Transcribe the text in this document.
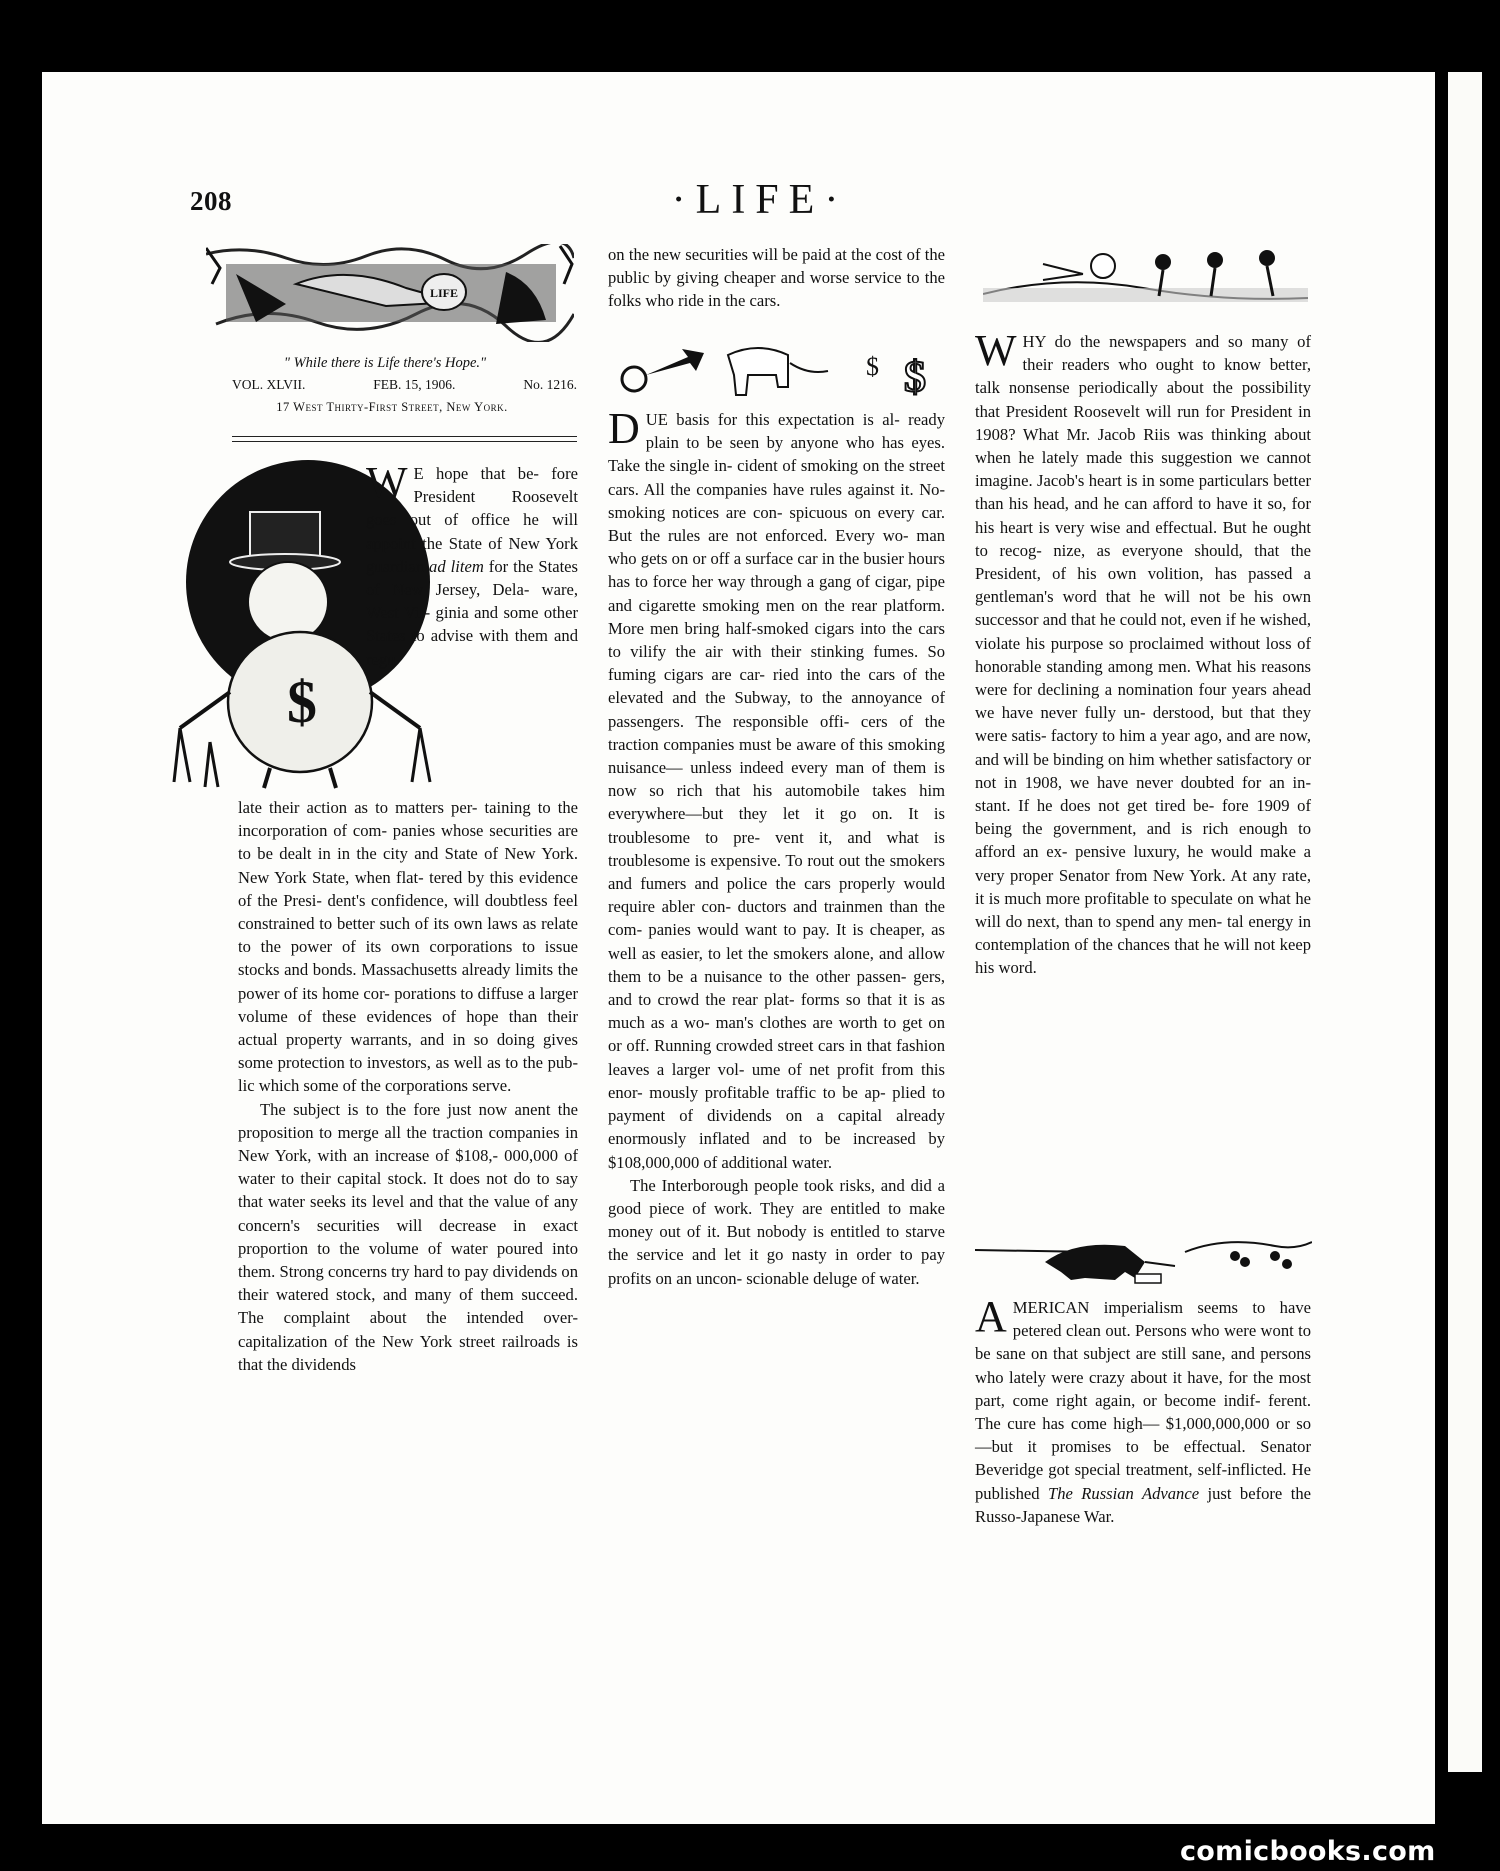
208	·LIFE·
LIFE
" While there is Life there's Hope."
VOL. XLVII.	FEB. 15, 1906.	No. 1216.
17 West Thirty-First Street, New York.
$

W E hope that be- fore President Roosevelt goes out of office he will appoint the State of New York guardian ad litem for the States of New Jersey, Dela- ware, West Vir- ginia and some other States to advise with them and regu-

late their action as to matters per- taining to the incorporation of com- panies whose securities are to be dealt in in the city and State of New York. New York State, when flat- tered by this evidence of the Presi- dent's confidence, will doubtless feel constrained to better such of its own laws as relate to the power of its own corporations to issue stocks and bonds. Massachusetts already limits the power of its home cor- porations to diffuse a larger volume of these evidences of hope than their actual property warrants, and in so doing gives some protection to investors, as well as to the pub- lic which some of the corporations serve.

The subject is to the fore just now anent the proposition to merge all the traction companies in New York, with an increase of $108,- 000,000 of water to their capital stock. It does not do to say that water seeks its level and that the value of any concern's securities will decrease in exact proportion to the volume of water poured into them. Strong concerns try hard to pay dividends on their watered stock, and many of them succeed. The complaint about the intended over-capitalization of the New York street railroads is that the dividends

on the new securities will be paid at the cost of the public by giving cheaper and worse service to the folks who ride in the cars.

$ $

DUE basis for this expectation is al- ready plain to be seen by anyone who has eyes. Take the single in- cident of smoking on the street cars. All the companies have rules against it. No-smoking notices are con- spicuous on every car. But the rules are not enforced. Every wo- man who gets on or off a surface car in the busier hours has to force her way through a gang of cigar, pipe and cigarette smoking men on the rear platform. More men bring half-smoked cigars into the cars to vilify the air with their stinking fumes. So fuming cigars are car- ried into the cars of the elevated and the Subway, to the annoyance of passengers. The responsible offi- cers of the traction companies must be aware of this smoking nuisance— unless indeed every man of them is now so rich that his automobile takes him everywhere—but they let it go on. It is troublesome to pre- vent it, and what is troublesome is expensive. To rout out the smokers and fumers and police the cars properly would require abler con- ductors and trainmen than the com- panies would want to pay. It is cheaper, as well as easier, to let the smokers alone, and allow them to be a nuisance to the other passen- gers, and to crowd the rear plat- forms so that it is as much as a wo- man's clothes are worth to get on or off. Running crowded street cars in that fashion leaves a larger vol- ume of net profit from this enor- mously profitable traffic to be ap- plied to payment of dividends on a capital already enormously inflated and to be increased by $108,000,000 of additional water.

The Interborough people took risks, and did a good piece of work. They are entitled to make money out of it. But nobody is entitled to starve the service and let it go nasty in order to pay profits on an uncon- scionable deluge of water.

WHY do the newspapers and so many of their readers who ought to know better, talk nonsense periodically about the possibility that President Roosevelt will run for President in 1908? What Mr. Jacob Riis was thinking about when he lately made this suggestion we cannot imagine. Jacob's heart is in some particulars better than his head, and he can afford to have it so, for his heart is very wise and effectual. But he ought to recog- nize, as everyone should, that the President, of his own volition, has passed a gentleman's word that he will not be his own successor and that he could not, even if he wished, violate his purpose so proclaimed without loss of honorable standing among men. What his reasons were for declining a nomination four years ahead we have never fully un- derstood, but that they were satis- factory to him a year ago, and are now, and will be binding on him whether satisfactory or not in 1908, we have never doubted for an in- stant. If he does not get tired be- fore 1909 of being the government, and is rich enough to afford an ex- pensive luxury, he would make a very proper Senator from New York. At any rate, it is much more profitable to speculate on what he will do next, than to spend any men- tal energy in contemplation of the chances that he will not keep his word.

AMERICAN imperialism seems to have petered clean out. Persons who were wont to be sane on that subject are still sane, and persons who lately were crazy about it have, for the most part, come right again, or become indif- ferent. The cure has come high— $1,000,000,000 or so—but it promises to be effectual. Senator Beveridge got special treatment, self-inflicted. He published The Russian Advance just before the Russo-Japanese War.

comicbooks.com
